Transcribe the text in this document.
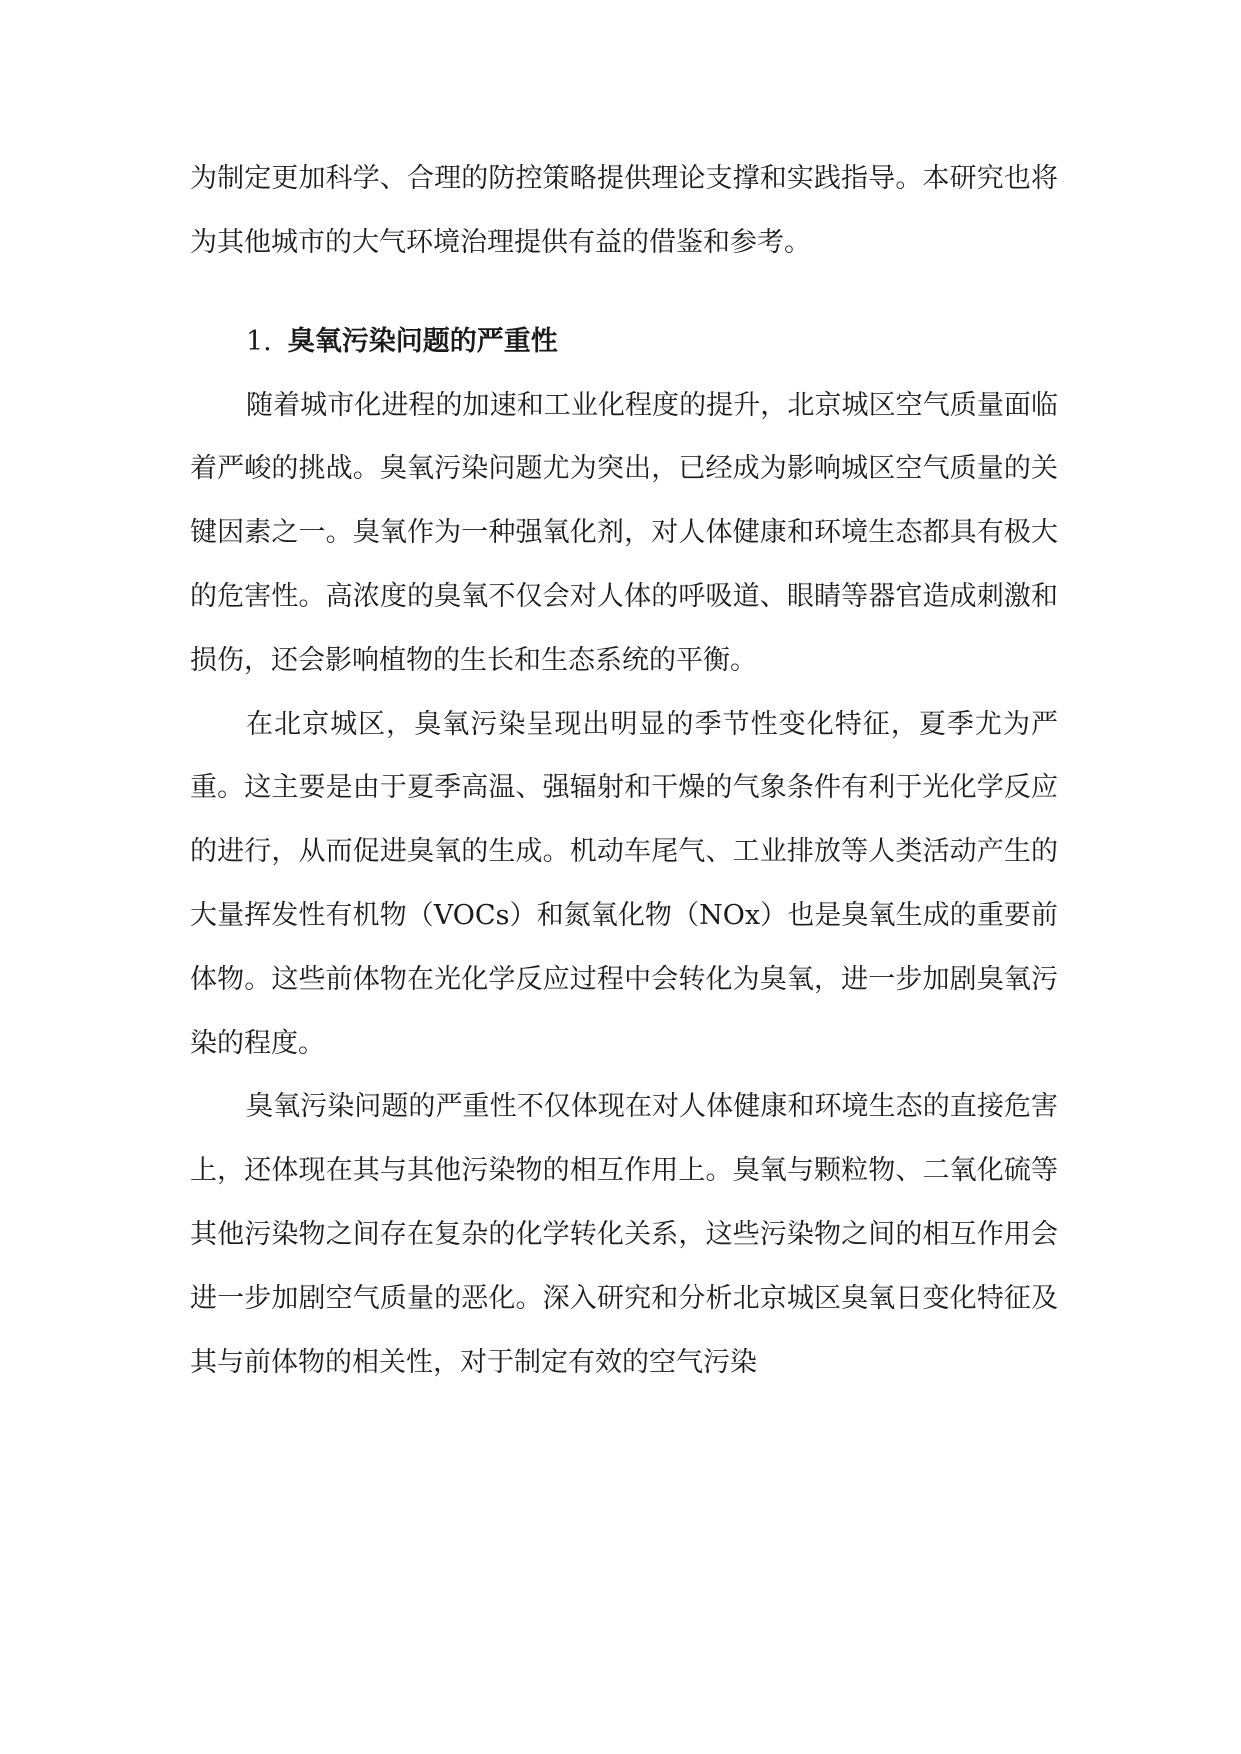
为制定更加科学、合理的防控策略提供理论支撑和实践指导。本研究也将为其他城市的大气环境治理提供有益的借鉴和参考。

1. 臭氧污染问题的严重性

随着城市化进程的加速和工业化程度的提升，北京城区空气质量面临着严峻的挑战。臭氧污染问题尤为突出，已经成为影响城区空气质量的关键因素之一。臭氧作为一种强氧化剂，对人体健康和环境生态都具有极大的危害性。高浓度的臭氧不仅会对人体的呼吸道、眼睛等器官造成刺激和损伤，还会影响植物的生长和生态系统的平衡。

在北京城区，臭氧污染呈现出明显的季节性变化特征，夏季尤为严重。这主要是由于夏季高温、强辐射和干燥的气象条件有利于光化学反应的进行，从而促进臭氧的生成。机动车尾气、工业排放等人类活动产生的大量挥发性有机物（VOCs）和氮氧化物（NOx）也是臭氧生成的重要前体物。这些前体物在光化学反应过程中会转化为臭氧，进一步加剧臭氧污染的程度。

臭氧污染问题的严重性不仅体现在对人体健康和环境生态的直接危害上，还体现在其与其他污染物的相互作用上。臭氧与颗粒物、二氧化硫等其他污染物之间存在复杂的化学转化关系，这些污染物之间的相互作用会进一步加剧空气质量的恶化。深入研究和分析北京城区臭氧日变化特征及其与前体物的相关性，对于制定有效的空气污染
